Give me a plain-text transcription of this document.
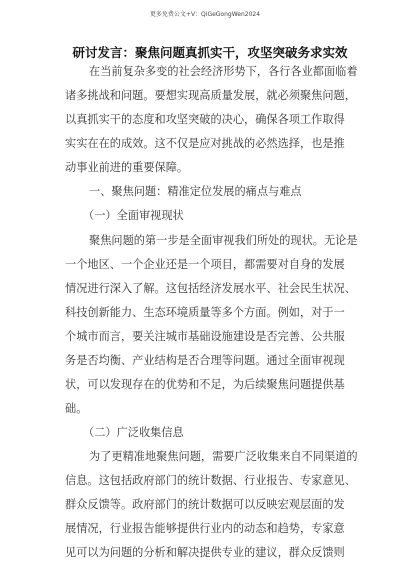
更多免费公文+V：QiGeGongWen2024
研讨发言：聚焦问题真抓实干，攻坚突破务求实效
在当前复杂多变的社会经济形势下，各行各业都面临着
诸多挑战和问题。要想实现高质量发展，就必须聚焦问题，
以真抓实干的态度和攻坚突破的决心，确保各项工作取得
实实在在的成效。这不仅是应对挑战的必然选择，也是推
动事业前进的重要保障。
一、聚焦问题：精准定位发展的痛点与难点
（一）全面审视现状
聚焦问题的第一步是全面审视我们所处的现状。无论是
一个地区、一个企业还是一个项目，都需要对自身的发展
情况进行深入了解。这包括经济发展水平、社会民生状况、
科技创新能力、生态环境质量等多个方面。例如，对于一
个城市而言，要关注城市基础设施建设是否完善、公共服
务是否均衡、产业结构是否合理等问题。通过全面审视现
状，可以发现存在的优势和不足，为后续聚焦问题提供基
础。
（二）广泛收集信息
为了更精准地聚焦问题，需要广泛收集来自不同渠道的
信息。这包括政府部门的统计数据、行业报告、专家意见、
群众反馈等。政府部门的统计数据可以反映宏观层面的发
展情况，行业报告能够提供行业内的动态和趋势，专家意
见可以为问题的分析和解决提供专业的建议，群众反馈则
